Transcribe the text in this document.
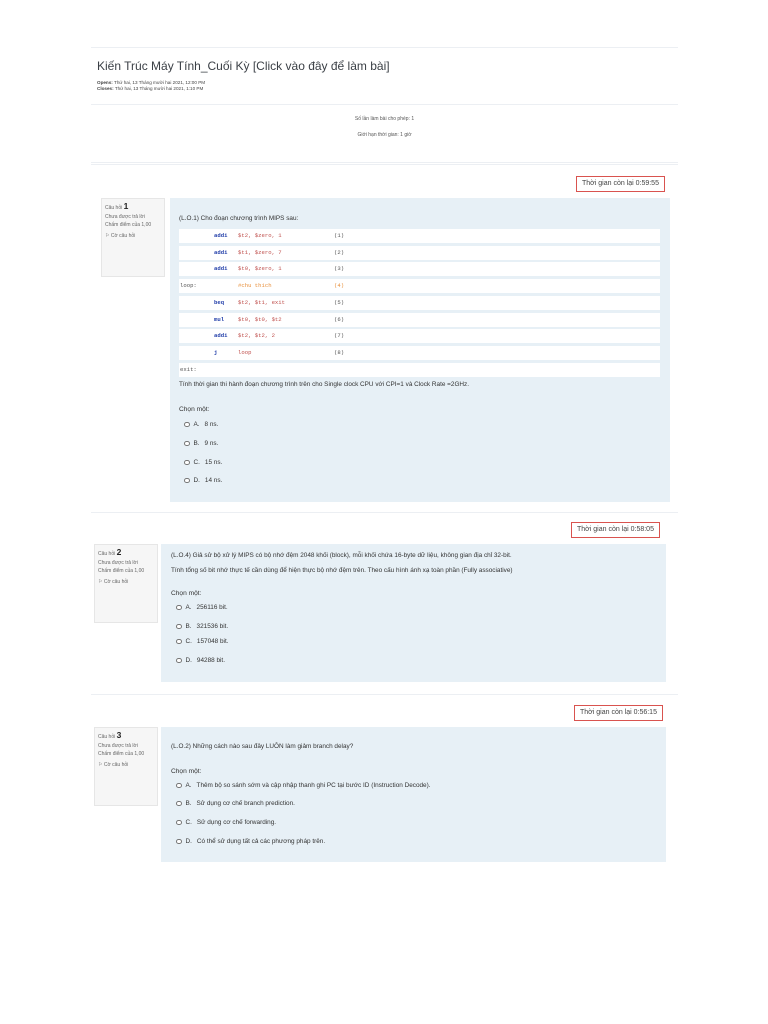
Kiến Trúc Máy Tính_Cuối Kỳ [Click vào đây để làm bài]
Opens: Thứ hai, 13 Tháng mười hai 2021, 12:00 PM
Closes: Thứ hai, 13 Tháng mười hai 2021, 1:10 PM
Số lần làm bài cho phép: 1
Giới hạn thời gian: 1 giờ
Thời gian còn lại 0:59:55
Câu hỏi 1
Chưa được trả lời
Chấm điểm của 1,00
⚐ Cờ câu hỏi
(L.O.1) Cho đoạn chương trình MIPS sau:
addi $t2, $zero, 1	(1)
addi $t1, $zero, 7	(2)
addi $t0, $zero, 1	(3)
loop:	#chu thich	(4)
beq $t2, $t1, exit	(5)
mul $t0, $t0, $t2	(6)
addi $t2, $t2, 2	(7)
j	loop	(8)
exit:
Tính thời gian thi hành đoạn chương trình trên cho Single clock CPU với CPI=1 và Clock Rate =2GHz.
Chọn một:
A. 8 ns.
B. 9 ns.
C. 15 ns.
D. 14 ns.
Thời gian còn lại 0:58:05
Câu hỏi 2
Chưa được trả lời
Chấm điểm của 1,00
⚐ Cờ câu hỏi
(L.O.4) Giả sử bộ xử lý MIPS có bộ nhớ đệm 2048 khối (block), mỗi khối chứa 16-byte dữ liệu, không gian địa chỉ 32-bit.
Tính tổng số bit nhớ thực tế cần dùng để hiện thực bộ nhớ đệm trên. Theo cấu hình ánh xạ toàn phần (Fully associative)
Chọn một:
A. 256116 bit.
B. 321536 bit.
C. 157048 bit.
D. 94288 bit.
Thời gian còn lại 0:56:15
Câu hỏi 3
Chưa được trả lời
Chấm điểm của 1,00
⚐ Cờ câu hỏi
(L.O.2) Những cách nào sau đây LUÔN làm giảm branch delay?
Chọn một:
A. Thêm bộ so sánh sớm và cập nhập thanh ghi PC tại bước ID (Instruction Decode).
B. Sử dụng cơ chế branch prediction.
C. Sử dụng cơ chế forwarding.
D. Có thể sử dụng tất cả các phương pháp trên.
